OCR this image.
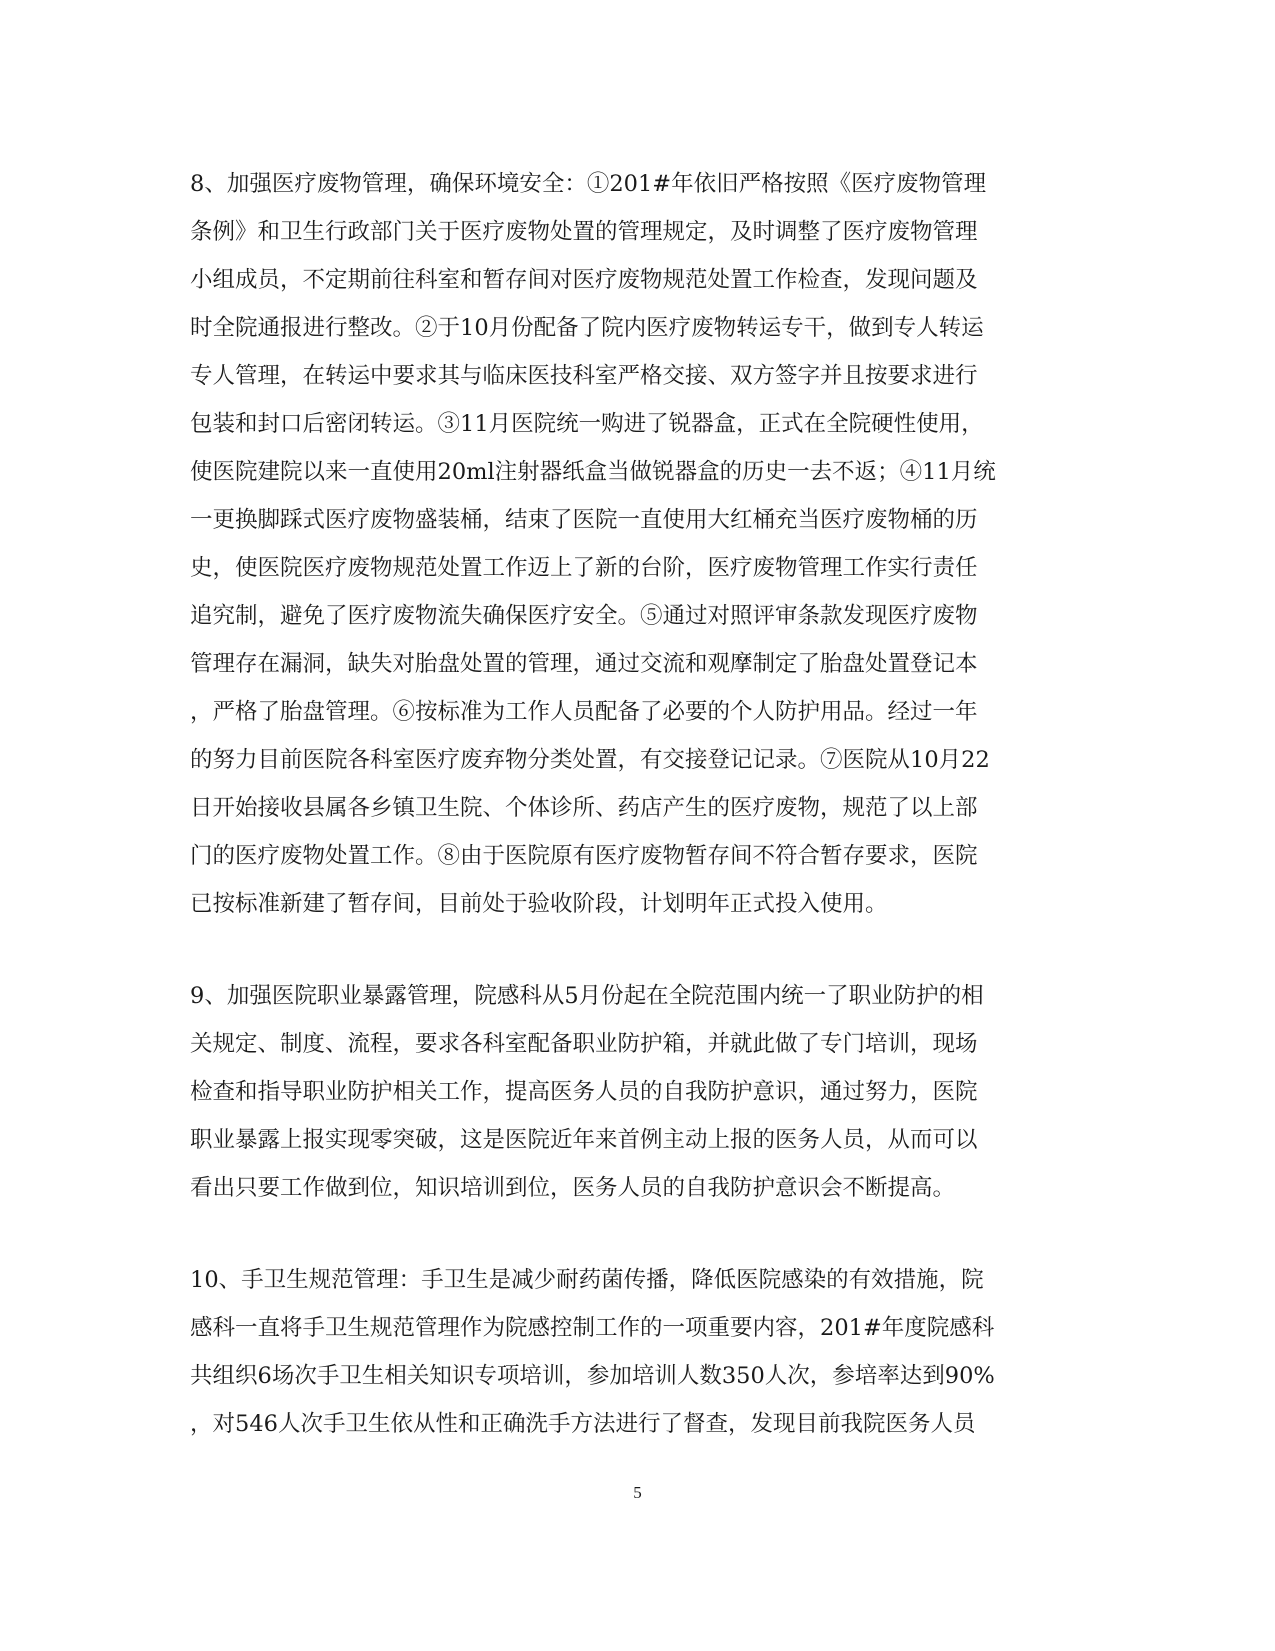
8、加强医疗废物管理，确保环境安全：①201#年依旧严格按照《医疗废物管理
条例》和卫生行政部门关于医疗废物处置的管理规定，及时调整了医疗废物管理
小组成员，不定期前往科室和暂存间对医疗废物规范处置工作检查，发现问题及
时全院通报进行整改。②于10月份配备了院内医疗废物转运专干，做到专人转运
专人管理，在转运中要求其与临床医技科室严格交接、双方签字并且按要求进行
包装和封口后密闭转运。③11月医院统一购进了锐器盒，正式在全院硬性使用，
使医院建院以来一直使用20ml注射器纸盒当做锐器盒的历史一去不返；④11月统
一更换脚踩式医疗废物盛装桶，结束了医院一直使用大红桶充当医疗废物桶的历
史，使医院医疗废物规范处置工作迈上了新的台阶，医疗废物管理工作实行责任
追究制，避免了医疗废物流失确保医疗安全。⑤通过对照评审条款发现医疗废物
管理存在漏洞，缺失对胎盘处置的管理，通过交流和观摩制定了胎盘处置登记本
，严格了胎盘管理。⑥按标准为工作人员配备了必要的个人防护用品。经过一年
的努力目前医院各科室医疗废弃物分类处置，有交接登记记录。⑦医院从10月22
日开始接收县属各乡镇卫生院、个体诊所、药店产生的医疗废物，规范了以上部
门的医疗废物处置工作。⑧由于医院原有医疗废物暂存间不符合暂存要求，医院
已按标准新建了暂存间，目前处于验收阶段，计划明年正式投入使用。
9、加强医院职业暴露管理，院感科从5月份起在全院范围内统一了职业防护的相
关规定、制度、流程，要求各科室配备职业防护箱，并就此做了专门培训，现场
检查和指导职业防护相关工作，提高医务人员的自我防护意识，通过努力，医院
职业暴露上报实现零突破，这是医院近年来首例主动上报的医务人员，从而可以
看出只要工作做到位，知识培训到位，医务人员的自我防护意识会不断提高。
10、手卫生规范管理：手卫生是减少耐药菌传播，降低医院感染的有效措施，院
感科一直将手卫生规范管理作为院感控制工作的一项重要内容，201#年度院感科
共组织6场次手卫生相关知识专项培训，参加培训人数350人次，参培率达到90%
，对546人次手卫生依从性和正确洗手方法进行了督查，发现目前我院医务人员
5
